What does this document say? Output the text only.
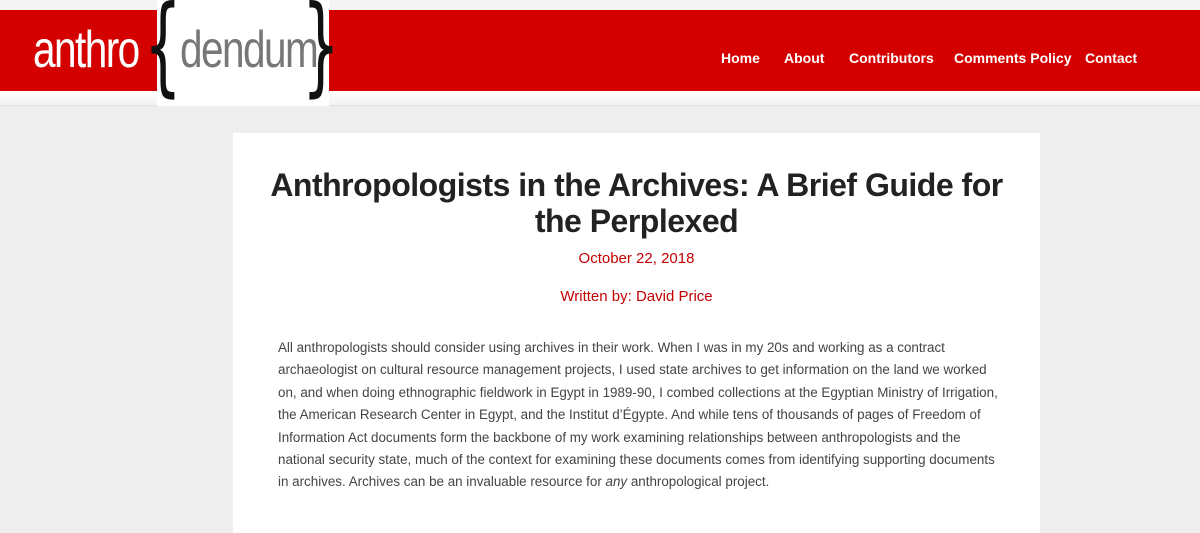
Home About Contributors Comments Policy Contact
anthro {
dendum
}
Anthropologists in the Archives: A Brief Guide for the Perplexed
October 22, 2018
Written by: David Price

All anthropologists should consider using archives in their work. When I was in my 20s and working as a contract archaeologist on cultural resource management projects, I used state archives to get information on the land we worked on, and when doing ethnographic fieldwork in Egypt in 1989-90, I combed collections at the Egyptian Ministry of Irrigation, the American Research Center in Egypt, and the Institut d’Égypte. And while tens of thousands of pages of Freedom of Information Act documents form the backbone of my work examining relationships between anthropologists and the national security state, much of the context for examining these documents comes from identifying supporting documents in archives. Archives can be an invaluable resource for any anthropological project.
